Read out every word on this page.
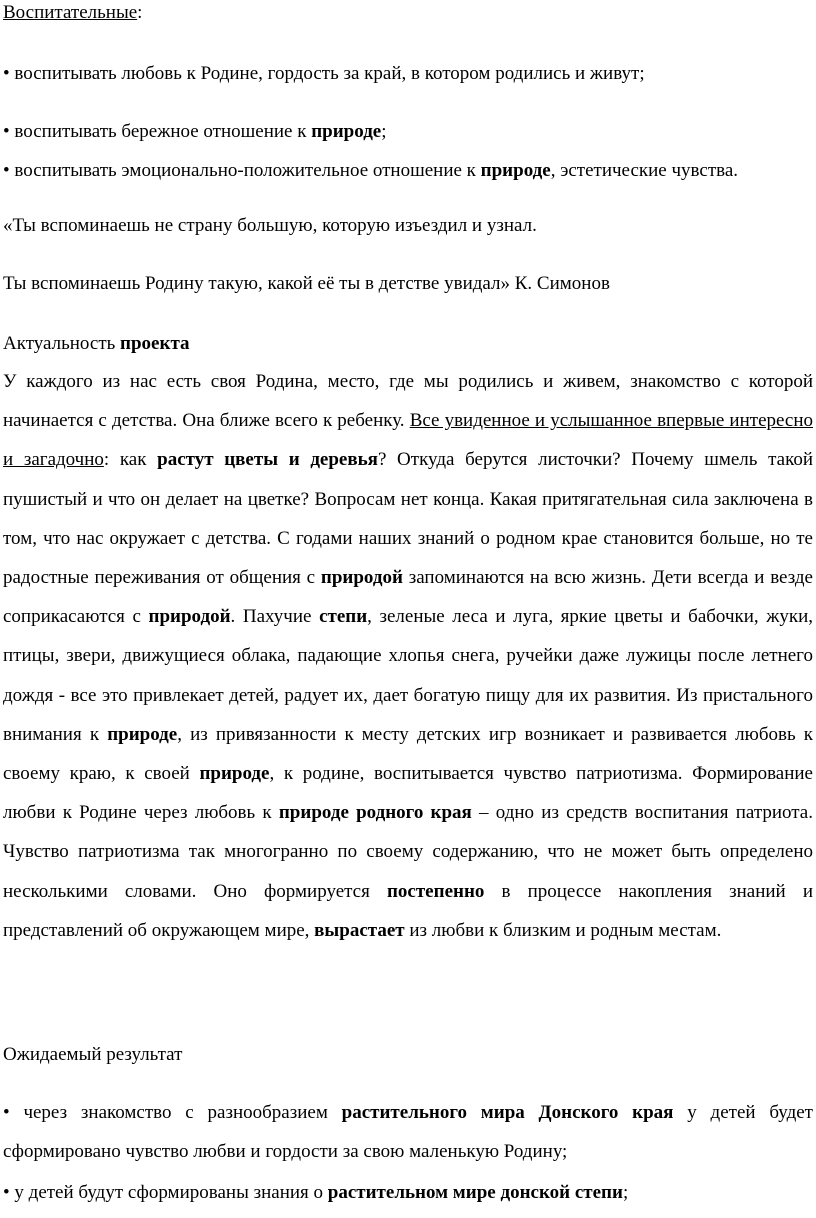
Воспитательные:
• воспитывать любовь к Родине, гордость за край, в котором родились и живут;
• воспитывать бережное отношение к природе;
• воспитывать эмоционально-положительное отношение к природе, эстетические чувства.
«Ты вспоминаешь не страну большую, которую изъездил и узнал.
Ты вспоминаешь Родину такую, какой её ты в детстве увидал» К. Симонов
Актуальность проекта
У каждого из нас есть своя Родина, место, где мы родились и живем, знакомство с которой начинается с детства. Она ближе всего к ребенку. Все увиденное и услышанное впервые интересно и загадочно: как растут цветы и деревья? Откуда берутся листочки? Почему шмель такой пушистый и что он делает на цветке? Вопросам нет конца. Какая притягательная сила заключена в том, что нас окружает с детства. С годами наших знаний о родном крае становится больше, но те радостные переживания от общения с природой запоминаются на всю жизнь. Дети всегда и везде соприкасаются с природой. Пахучие степи, зеленые леса и луга, яркие цветы и бабочки, жуки, птицы, звери, движущиеся облака, падающие хлопья снега, ручейки даже лужицы после летнего дождя - все это привлекает детей, радует их, дает богатую пищу для их развития. Из пристального внимания к природе, из привязанности к месту детских игр возникает и развивается любовь к своему краю, к своей природе, к родине, воспитывается чувство патриотизма. Формирование любви к Родине через любовь к природе родного края – одно из средств воспитания патриота. Чувство патриотизма так многогранно по своему содержанию, что не может быть определено несколькими словами. Оно формируется постепенно в процессе накопления знаний и представлений об окружающем мире, вырастает из любви к близким и родным местам.
Ожидаемый результат
• через знакомство с разнообразием растительного мира Донского края у детей будет сформировано чувство любви и гордости за свою маленькую Родину;
• у детей будут сформированы знания о растительном мире донской степи;
